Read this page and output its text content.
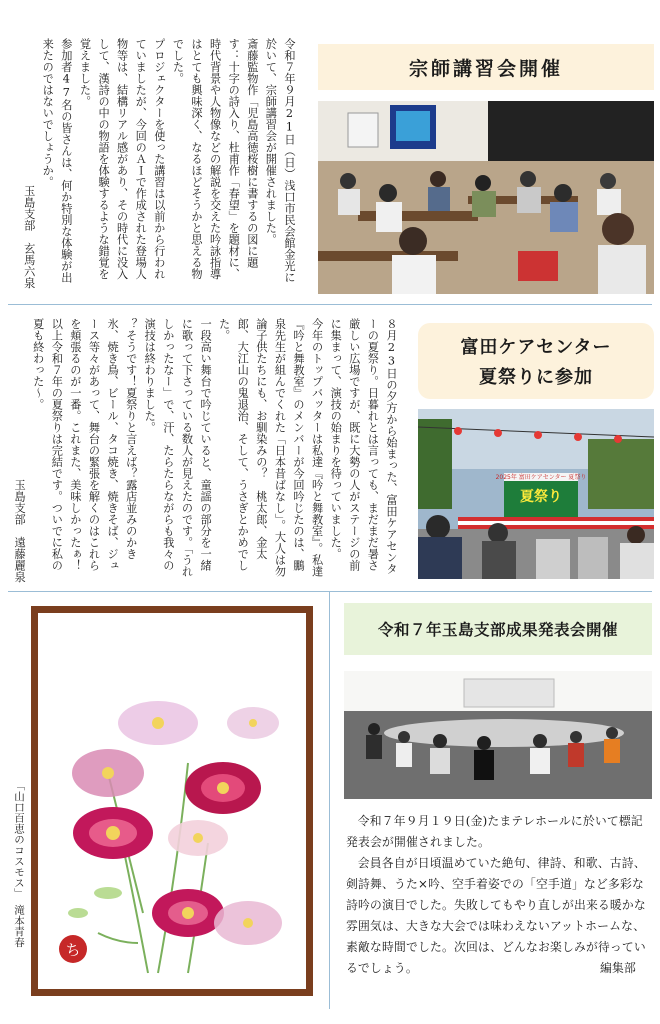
令和７年９月21日（日）浅口市民会館金光に於いて、宗師講習会が開催されました。

斎藤監物作「児島高徳桜樹に書するの図に題す：十字の詩入り、杜甫作「春望」を題材に、時代背景や人物像などの解説を交えた吟詠指導はとても興味深く、なるほどそうかと思える物でした。

プロジェクターを使った講習は以前から行われていましたが、今回のＡＩで作成された登場人物等は、結構リアル感があり、その時代に没入して、漢詩の中の物語を体験するような錯覚を覚えました。

参加者47名の皆さんは、何か特別な体験が出来たのではないでしょうか。

玉島支部　玄馬六泉

宗師講習会開催

８月23日の夕方から始まった、富田ケアセンターの夏祭り。日暮れとは言っても、まだまだ暑さ厳しい広場ですが、既に大勢の人がステージの前に集まって、演技の始まりを待っていました。

今年のトップバッターは私達『吟と舞教室』。私達『吟と舞教室』のメンバーが今回吟じたのは、鵬泉先生が組んでくれた「日本昔ばなし」。大人は勿論子供たちにも、お馴染みの？　桃太郎、金太郎、大江山の鬼退治、そして、うさぎとかめでした。

一段高い舞台で吟じていると、童謡の部分を一緒に歌って下さっている数人が見えたのです。「うれしかったなー」で、汗、たらたらながらも我々の演技は終わりました。

？そうです！夏祭りと言えば？露店並みのかき氷、焼き鳥、ビール、タコ焼き、焼きそば、ジュース等々があって、舞台の緊張を解くのはこれらを頬張るのが一番。これまた、美味しかったぁ！以上令和７年の夏祭りは完結です。ついでに私の夏も終わった〜。

玉島支部　遠藤麗泉

富田ケアセンター
夏祭りに参加
2025年 富田ケアセンター 夏祭り
夏祭り
ち
「山口百恵のコスモス」　滝本青春
令和７年玉島支部成果発表会開催

令和７年９月１９日(金)たまテレホールに於いて標記発表会が開催されました。

会員各自が日頃温めていた絶句、律詩、和歌、古詩、剣詩舞、うた×吟、空手着姿での「空手道」など多彩な詩吟の演目でした。失敗してもやり直しが出来る暖かな雰囲気は、大きな大会では味わえないアットホームな、素敵な時間でした。次回は、どんなお楽しみが待っているでしょう。	編集部
